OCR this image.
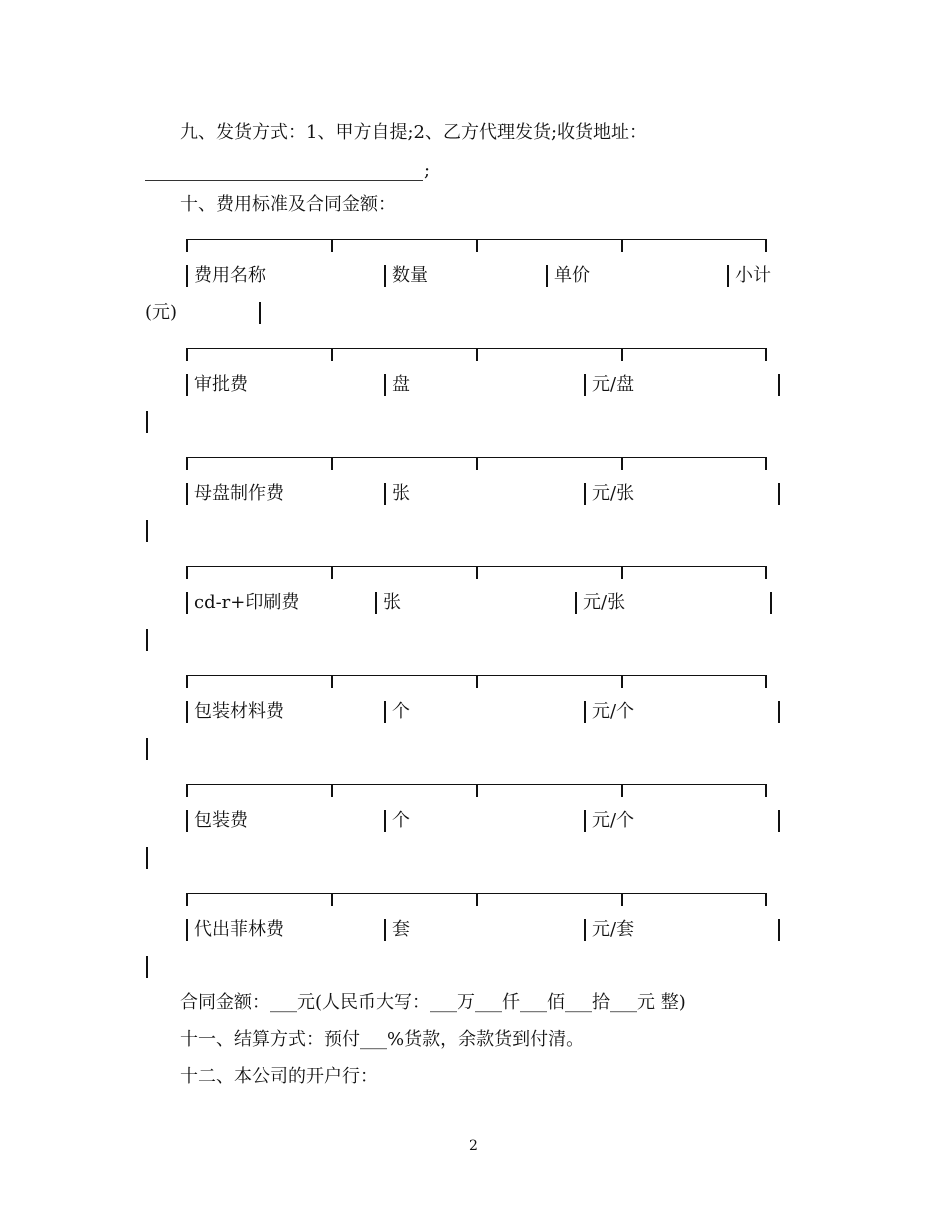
九、发货方式：1、甲方自提;2、乙方代理发货;收货地址：
;
十、费用标准及合同金额：
费用名称	数量	单价	小计
(元)
审批费	盘	元/盘
母盘制作费	张	元/张
cd-r+印刷费	张	元/张
包装材料费	个	元/个
包装费	个	元/个
代出菲林费	套	元/套
合同金额：___元(人民币大写：___万___仟___佰___拾___元 整)
十一、结算方式：预付___%货款，余款货到付清。
十二、本公司的开户行：
2
